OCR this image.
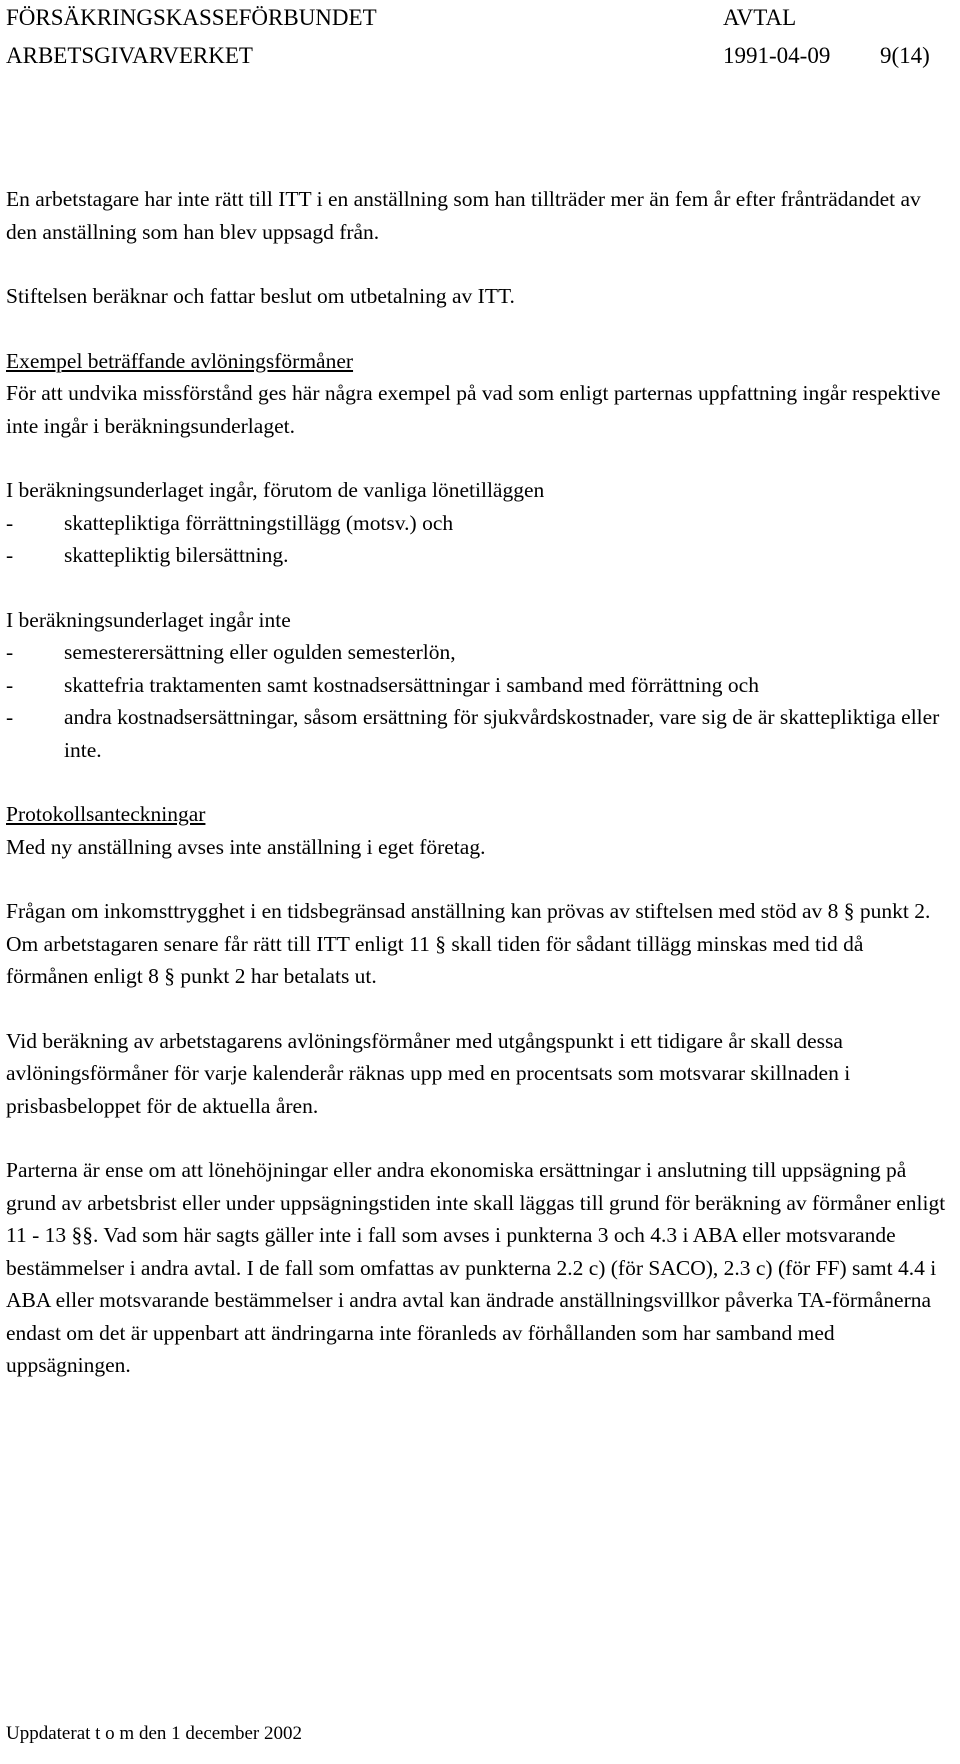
FÖRSÄKRINGSKASSEFÖRBUNDET	AVTAL
ARBETSGIVARVERKET	1991-04-09 9(14)

En arbetstagare har inte rätt till ITT i en anställning som han tillträder mer än fem år efter frånträdandet av den anställning som han blev uppsagd från.

Stiftelsen beräknar och fattar beslut om utbetalning av ITT.

Exempel beträffande avlöningsförmåner

För att undvika missförstånd ges här några exempel på vad som enligt parternas uppfattning ingår respektive inte ingår i beräkningsunderlaget.

I beräkningsunderlaget ingår, förutom de vanliga lönetilläggen
-	skattepliktiga förrättningstillägg (motsv.) och
-	skattepliktig bilersättning.
I beräkningsunderlaget ingår inte
-	semesterersättning eller ogulden semesterlön,
-	skattefria traktamenten samt kostnadsersättningar i samband med förrättning och
-	andra kostnadsersättningar, såsom ersättning för sjukvårdskostnader, vare sig de är skattepliktiga eller inte.
Protokollsanteckningar

Med ny anställning avses inte anställning i eget företag.

Frågan om inkomsttrygghet i en tidsbegränsad anställning kan prövas av stiftelsen med stöd av 8 § punkt 2. Om arbetstagaren senare får rätt till ITT enligt 11 § skall tiden för sådant tillägg minskas med tid då förmånen enligt 8 § punkt 2 har betalats ut.

Vid beräkning av arbetstagarens avlöningsförmåner med utgångspunkt i ett tidigare år skall dessa avlöningsförmåner för varje kalenderår räknas upp med en procentsats som motsvarar skillnaden i prisbasbeloppet för de aktuella åren.

Parterna är ense om att lönehöjningar eller andra ekonomiska ersättningar i anslutning till uppsägning på grund av arbetsbrist eller under uppsägningstiden inte skall läggas till grund för beräkning av förmåner enligt 11 - 13 §§. Vad som här sagts gäller inte i fall som avses i punkterna 3 och 4.3 i ABA eller motsvarande bestämmelser i andra avtal. I de fall som omfattas av punkterna 2.2 c) (för SACO), 2.3 c) (för FF) samt 4.4 i ABA eller motsvarande bestämmelser i andra avtal kan ändrade anställningsvillkor påverka TA-förmånerna endast om det är uppenbart att ändringarna inte föranleds av förhållanden som har samband med uppsägningen.

Uppdaterat t o m den 1 december 2002
